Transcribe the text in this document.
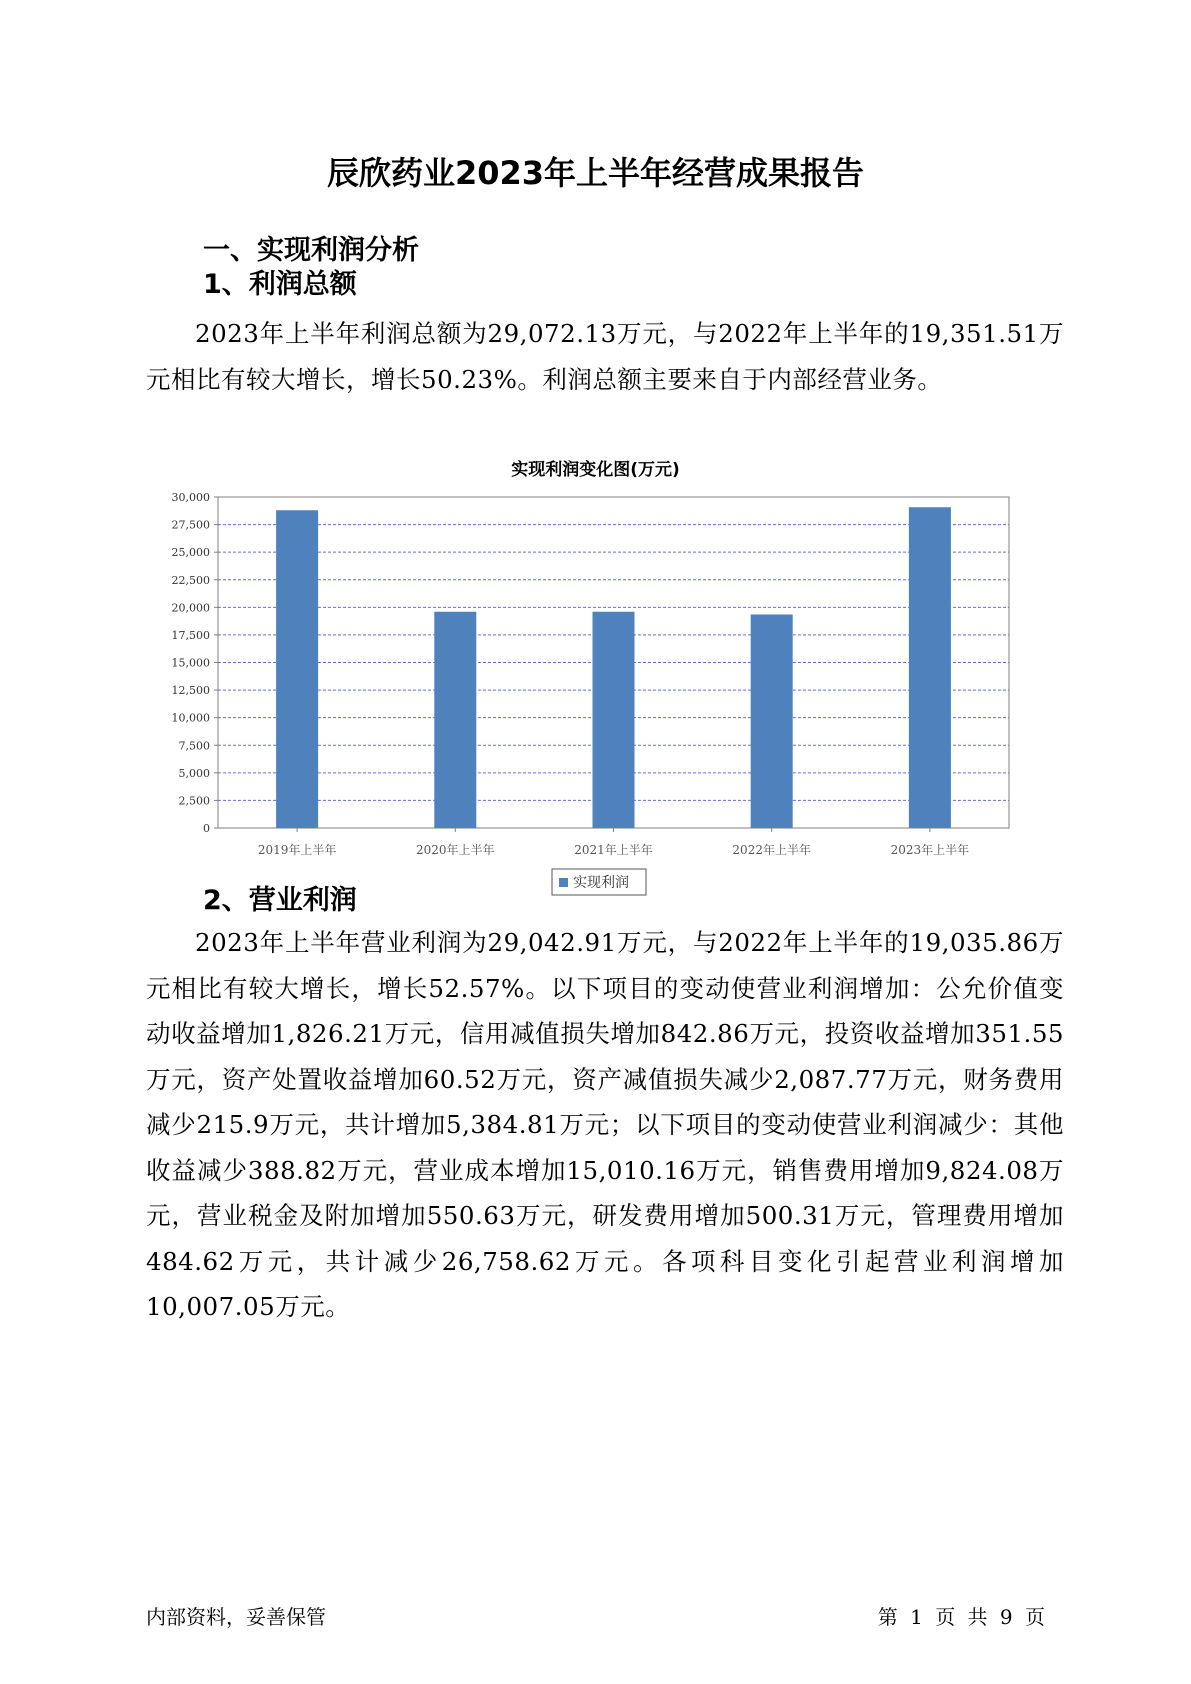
辰欣药业2023年上半年经营成果报告
一、实现利润分析
1、利润总额

2023年上半年利润总额为29,072.13万元，与2022年上半年的19,351.51万元相比有较大增长，增长50.23%。利润总额主要来自于内部经营业务。

实现利润变化图(万元)
0
2,500
5,000
7,500
10,000
12,500
15,000
17,500
20,000
22,500
25,000
27,500
30,000
2019年上半年	2020年上半年	2021年上半年	2022年上半年	2023年上半年
实现利润
2、营业利润

2023年上半年营业利润为29,042.91万元，与2022年上半年的19,035.86万元相比有较大增长，增长52.57%。以下项目的变动使营业利润增加：公允价值变动收益增加1,826.21万元，信用减值损失增加842.86万元，投资收益增加351.55万元，资产处置收益增加60.52万元，资产减值损失减少2,087.77万元，财务费用减少215.9万元，共计增加5,384.81万元；以下项目的变动使营业利润减少：其他收益减少388.82万元，营业成本增加15,010.16万元，销售费用增加9,824.08万元，营业税金及附加增加550.63万元，研发费用增加500.31万元，管理费用增加484.62万元，共计减少26,758.62万元。各项科目变化引起营业利润增加10,007.05万元。

内部资料，妥善保管	第 1 页 共 9 页
